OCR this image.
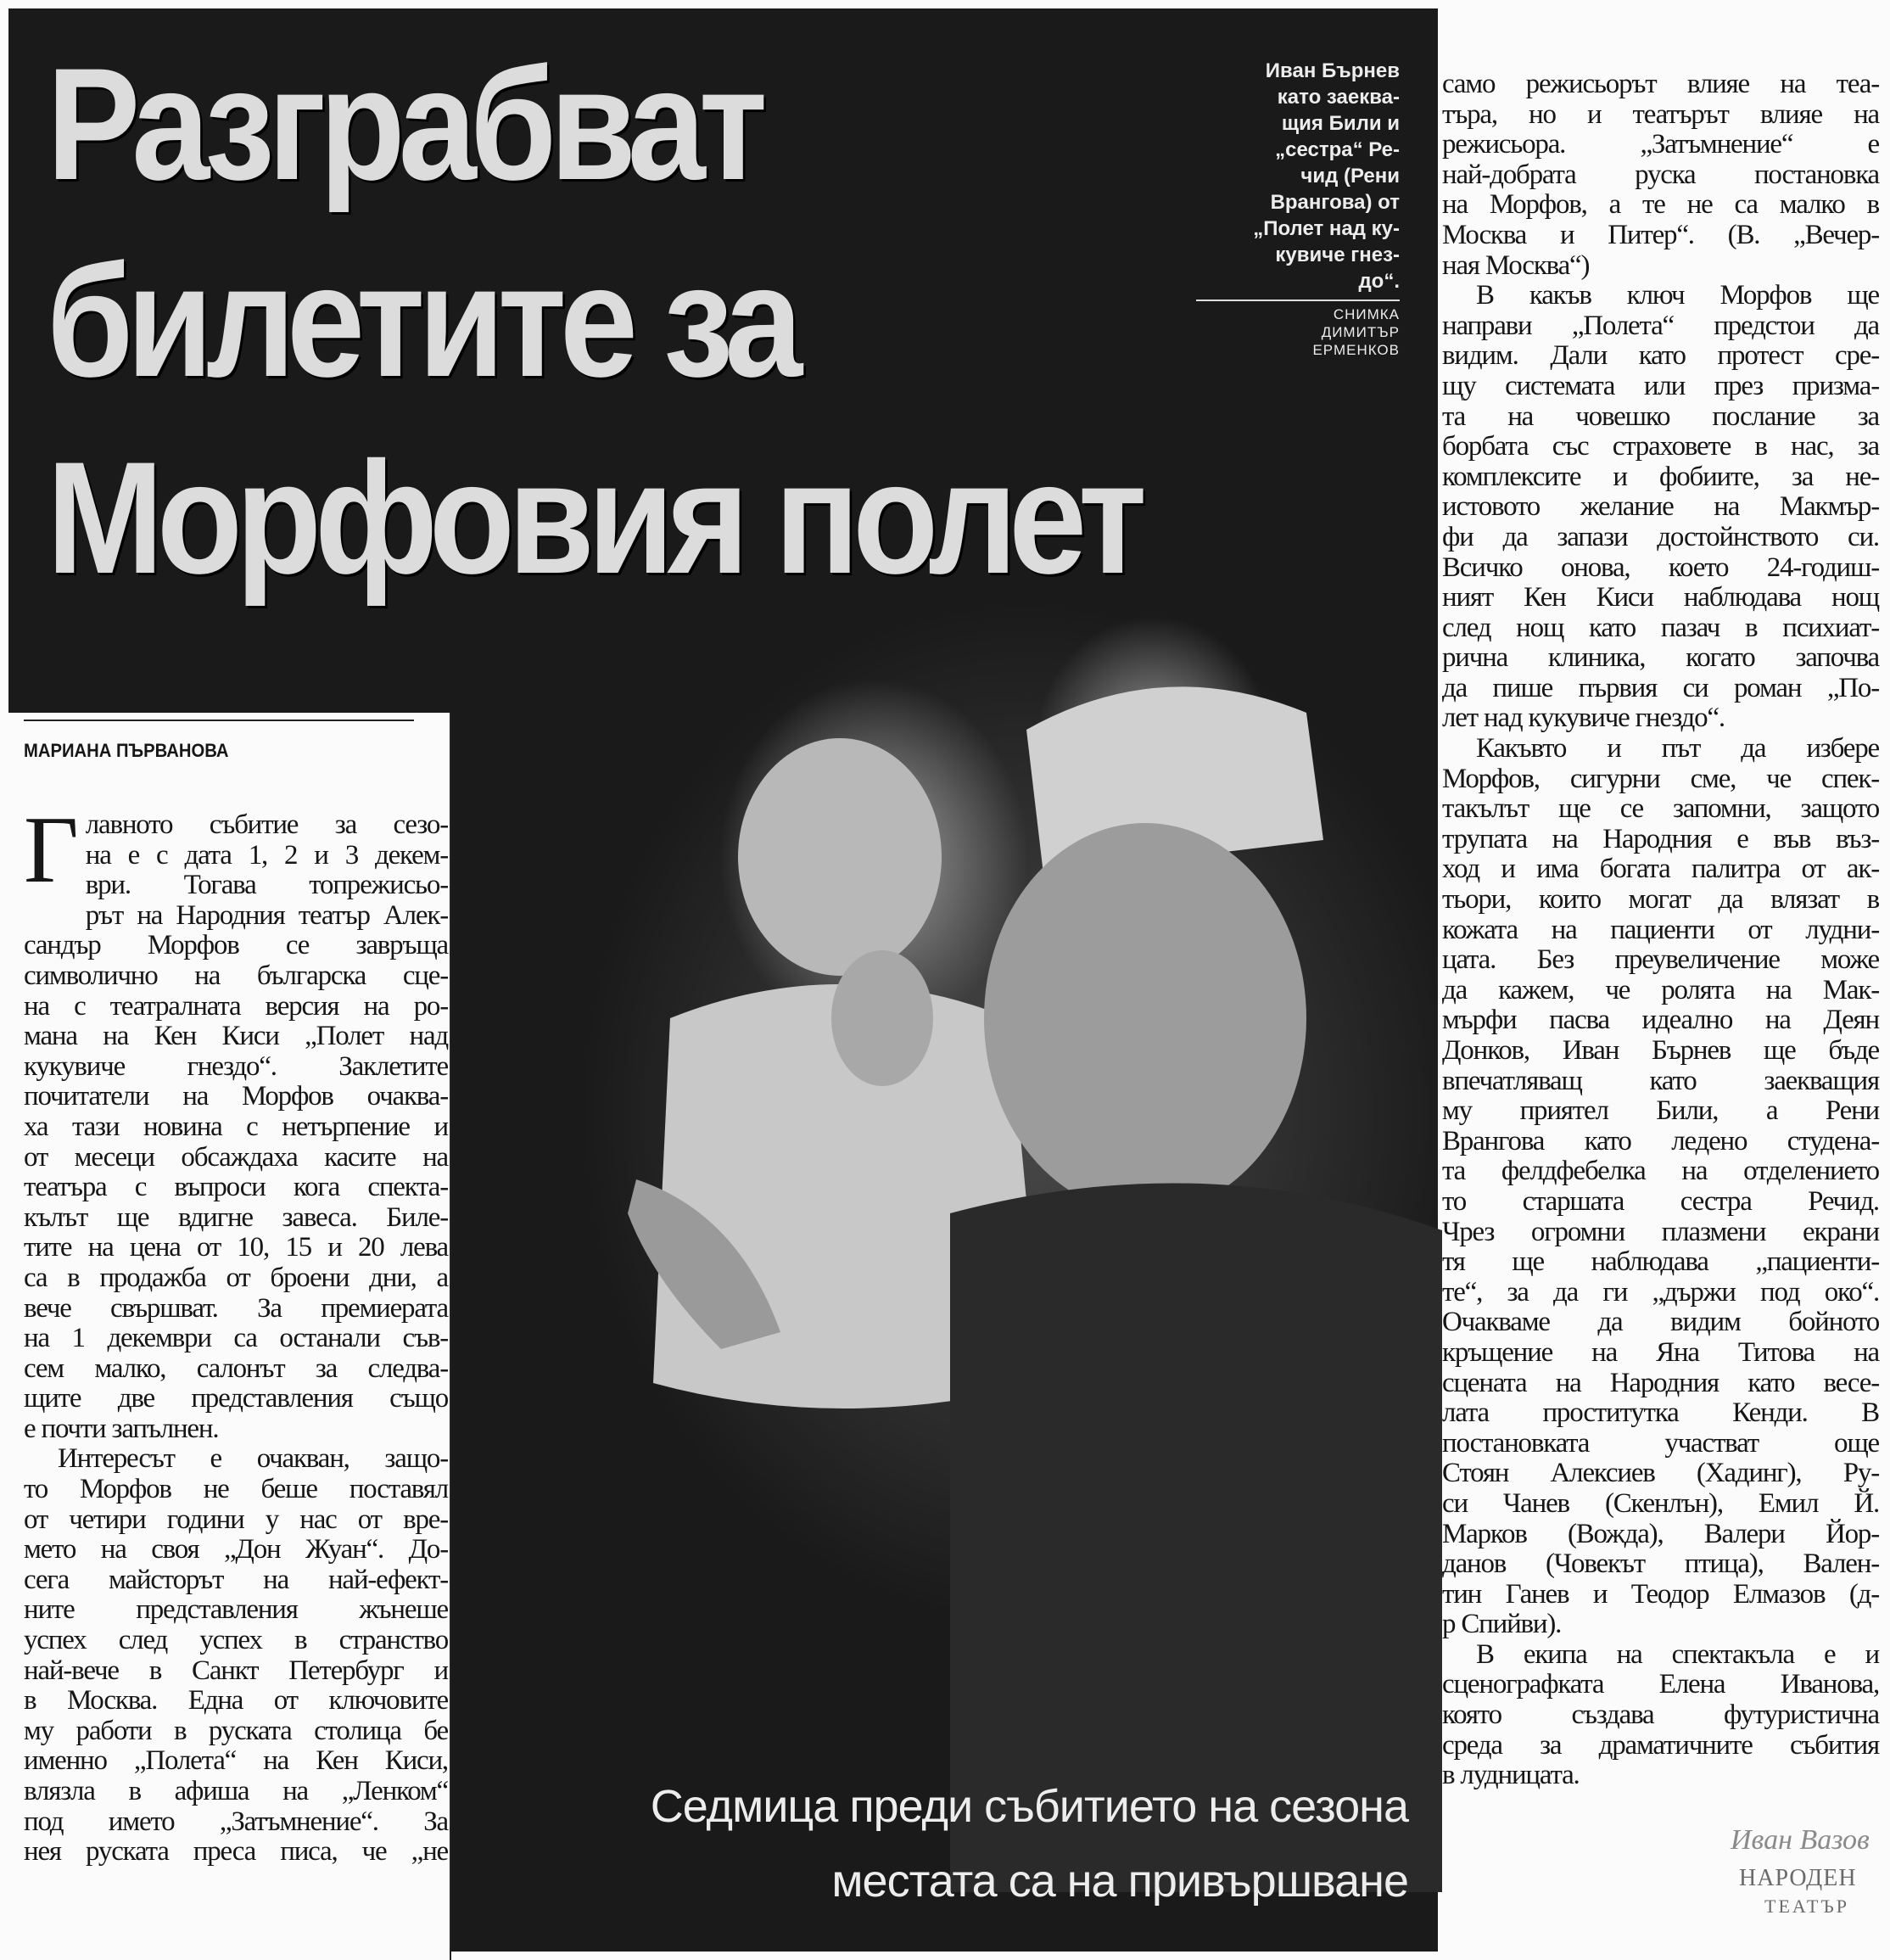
Разграбват
билетите за
Морфовия полет
Иван Бърнев
като заеква-
щия Били и
„сестра“ Ре-
чид (Рени
Врангова) от
„Полет над ку-
кувиче гнез-
до“.
СНИМКА
ДИМИТЪР
ЕРМЕНКОВ
МАРИАНА ПЪРВАНОВА
Г лавното събитие за сезо-
на е с дата 1, 2 и 3 декем-
ври. Тогава топрежисьо-
рът на Народния театър Алек-
сандър Морфов се завръща
символично на българска сце-
на с театралната версия на ро-
мана на Кен Киси „Полет над
кукувиче гнездо“. Заклетите
почитатели на Морфов очаква-
ха тази новина с нетърпение и
от месеци обсаждаха касите на
театъра с въпроси кога спекта-
кълът ще вдигне завеса. Биле-
тите на цена от 10, 15 и 20 лева
са в продажба от броени дни, а
вече свършват. За премиерата
на 1 декември са останали съв-
сем малко, салонът за следва-
щите две представления също
е почти запълнен.
Интересът е очакван, защо-
то Морфов не беше поставял
от четири години у нас от вре-
мето на своя „Дон Жуан“. До-
сега майсторът на най-ефект-
ните представления жънеше
успех след успех в странство
най-вече в Санкт Петербург и
в Москва. Една от ключовите
му работи в руската столица бе
именно „Полета“ на Кен Киси,
влязла в афиша на „Ленком“
под името „Затъмнение“. За
нея руската преса писа, че „не
само режисьорът влияе на теа-
търа, но и театърът влияе на
режисьора. „Затъмнение“ е
най-добрата руска постановка
на Морфов, а те не са малко в
Москва и Питер“. (В. „Вечер-
ная Москва“)
В какъв ключ Морфов ще
направи „Полета“ предстои да
видим. Дали като протест сре-
щу системата или през призма-
та на човешко послание за
борбата със страховете в нас, за
комплексите и фобиите, за не-
истовото желание на Макмър-
фи да запази достойнството си.
Всичко онова, което 24-годиш-
ният Кен Киси наблюдава нощ
след нощ като пазач в психиат-
рична клиника, когато започва
да пише първия си роман „По-
лет над кукувиче гнездо“.
Какъвто и път да избере
Морфов, сигурни сме, че спек-
такълът ще се запомни, защото
трупата на Народния е във въз-
ход и има богата палитра от ак-
тьори, които могат да влязат в
кожата на пациенти от лудни-
цата. Без преувеличение може
да кажем, че ролята на Мак-
мърфи пасва идеално на Деян
Донков, Иван Бърнев ще бъде
впечатляващ като заекващия
му приятел Били, а Рени
Врангова като ледено студена-
та фелдфебелка на отделението
то старшата сестра Речид.
Чрез огромни плазмени екрани
тя ще наблюдава „пациенти-
те“, за да ги „държи под око“.
Очакваме да видим бойното
кръщение на Яна Титова на
сцената на Народния като весе-
лата проститутка Кенди. В
постановката участват още
Стоян Алексиев (Хадинг), Ру-
си Чанев (Скенлън), Емил Й.
Марков (Вожда), Валери Йор-
данов (Човекът птица), Вален-
тин Ганев и Теодор Елмазов (д-
р Спийви).
В екипа на спектакъла е и
сценографката Елена Иванова,
която създава футуристична
среда за драматичните събития
в лудницата.
Седмица преди събитието на сезона
местата са на привършване
Иван Вазов
НАРОДЕН
ТЕАТЪР
